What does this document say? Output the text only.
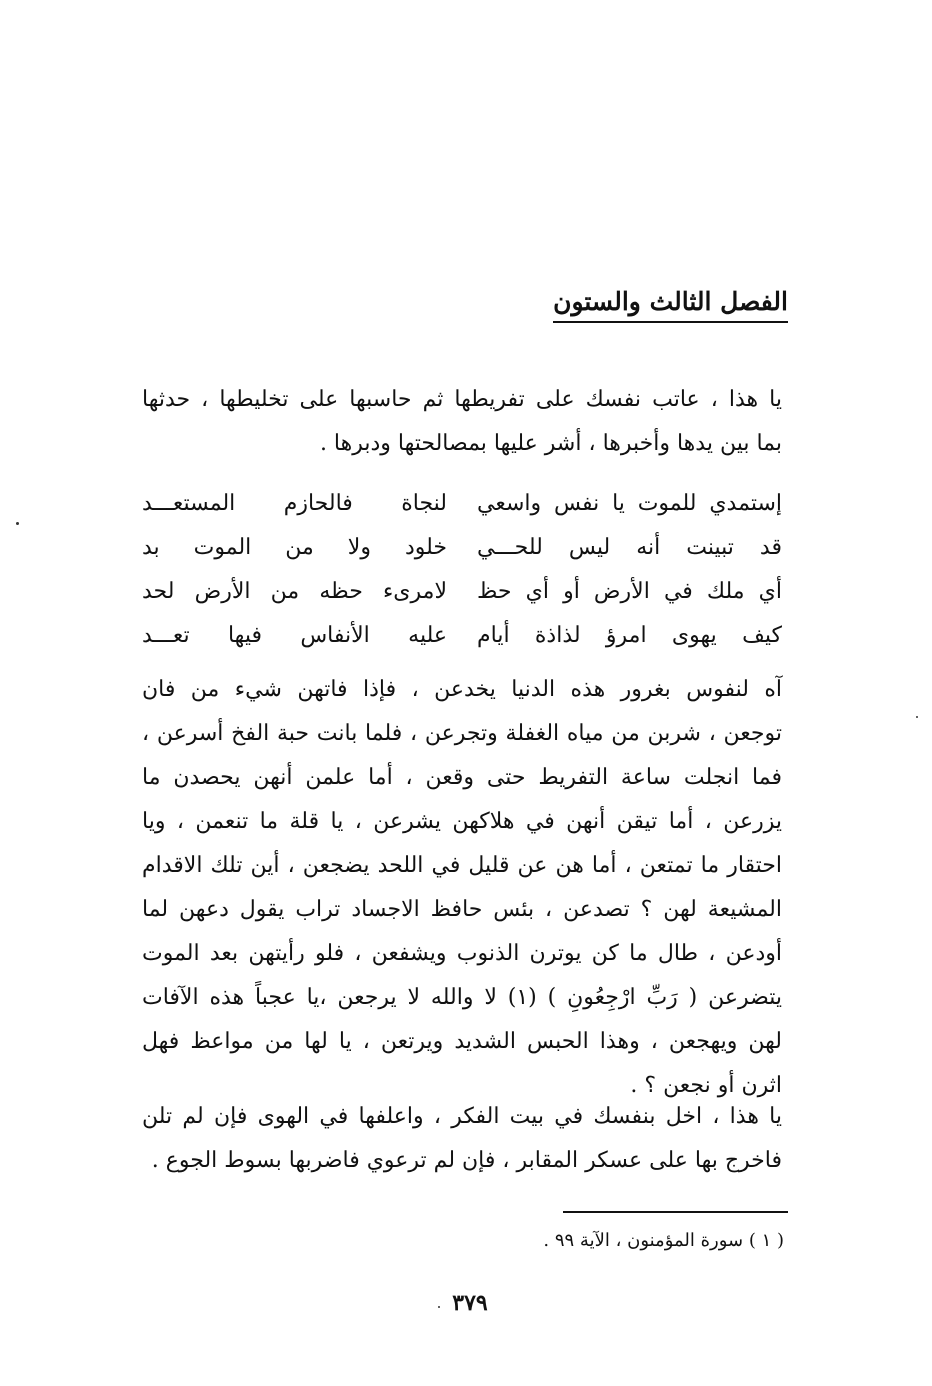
الفصل الثالث والستون

يا هذا ، عاتب نفسك على تفريطها ثم حاسبها على تخليطها ، حدثها
بما بين يدها وأخبرها ، أشر عليها بمصالحتها ودبرها .

إستمدي للموت يا نفس واسعي
لنجاة فالحازم المستعـــد
قد تبينت أنه ليس للحـــي
خلود ولا من الموت بد
أي ملك في الأرض أو أي حظ
لامرىء حظه من الأرض لحد
كيف يهوى امرؤ لذاذة أيام
عليه الأنفاس فيها تعـــد

آه لنفوس بغرور هذه الدنيا يخدعن ، فإذا فاتهن شيء من فان
توجعن ، شربن من مياه الغفلة وتجرعن ، فلما بانت حبة الفخ أسرعن ،
فما انجلت ساعة التفريط حتى وقعن ، أما علمن أنهن يحصدن ما
يزرعن ، أما تيقن أنهن في هلاكهن يشرعن ، يا قلة ما تنعمن ، ويا
احتقار ما تمتعن ، أما هن عن قليل في اللحد يضجعن ، أين تلك الاقدام
المشيعة لهن ؟ تصدعن ، بئس حافظ الاجساد تراب يقول دعهن لما
أودعن ، طال ما كن يوترن الذنوب ويشفعن ، فلو رأيتهن بعد الموت
يتضرعن ( رَبِّ ارْجِعُونِ ) (١) لا والله لا يرجعن ،يا عجباً هذه الآفات
لهن ويهجعن ، وهذا الحبس الشديد ويرتعن ، يا لها من مواعظ فهل
اثرن أو نجعن ؟ .

يا هذا ، اخل بنفسك في بيت الفكر ، واعلفها في الهوى فإن لم تلن
فاخرج بها على عسكر المقابر ، فإن لم ترعوي فاضربها بسوط الجوع .

( ١ ) سورة المؤمنون ، الآية ٩٩ .
٣٧٩
